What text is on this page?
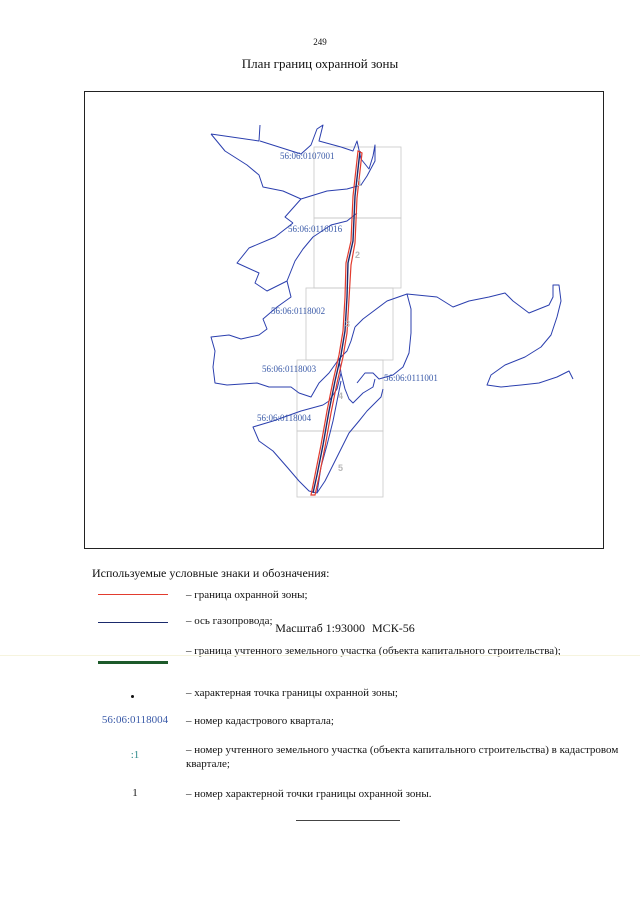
249
План границ охранной зоны
56:06:0107001
56:06:0116016
56:06:0118002
56:06:0118003
56:06:0111001
56:06:0118004
1
2
3
4
5
Масштаб 1:93000 МСК-56
Используемые условные знаки и обозначения:
– граница охранной зоны;
– ось газопровода;
– граница учтенного земельного участка (объекта капитального строительства);
– характерная точка границы охранной зоны;
56:06:0118004	– номер кадастрового квартала;
:1	– номер учтенного земельного участка (объекта капитального строительства) в кадастровом квартале;
1	– номер характерной точки границы охранной зоны.
